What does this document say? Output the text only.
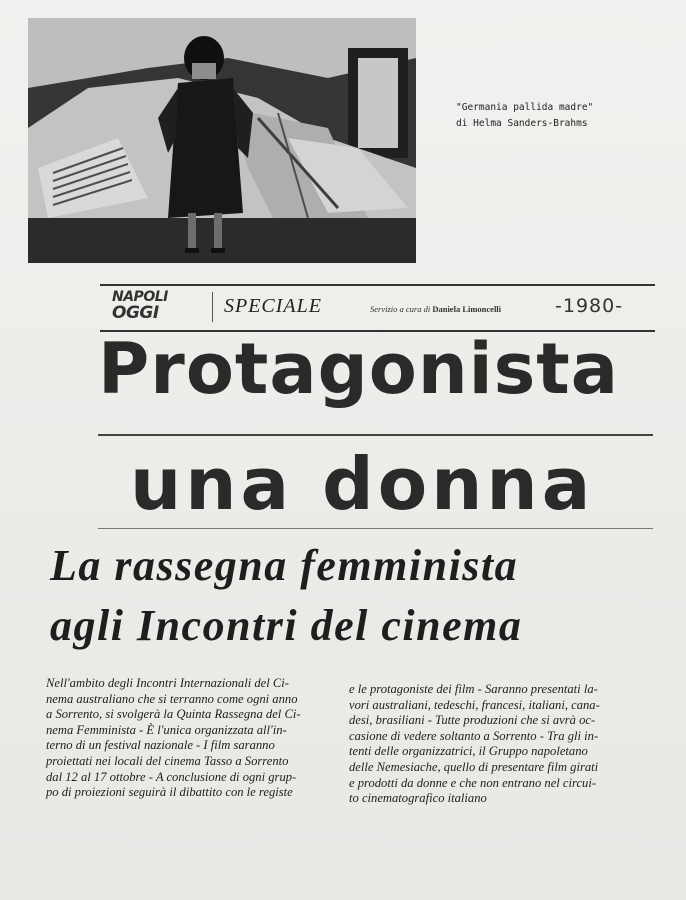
"Germania pallida madre"
di Helma Sanders-Brahms
NAPOLI
OGGI	SPECIALE	Servizio a cura di Daniela Limoncelli	-1980-
Protagonista
una donna
La rassegna femminista
agli Incontri del cinema
Nell'ambito degli Incontri Internazionali del Ci-
nema australiano che si terranno come ogni anno
a Sorrento, si svolgerà la Quinta Rassegna del Ci-
nema Femminista - È l'unica organizzata all'in-
terno di un festival nazionale - I film saranno
proiettati nei locali del cinema Tasso a Sorrento
dal 12 al 17 ottobre - A conclusione di ogni grup-
po di proiezioni seguirà il dibattito con le registe
e le protagoniste dei film - Saranno presentati la-
vori australiani, tedeschi, francesi, italiani, cana-
desi, brasiliani - Tutte produzioni che si avrà oc-
casione di vedere soltanto a Sorrento - Tra gli in-
tenti delle organizzatrici, il Gruppo napoletano
delle Nemesiache, quello di presentare film girati
e prodotti da donne e che non entrano nel circui-
to cinematografico italiano
